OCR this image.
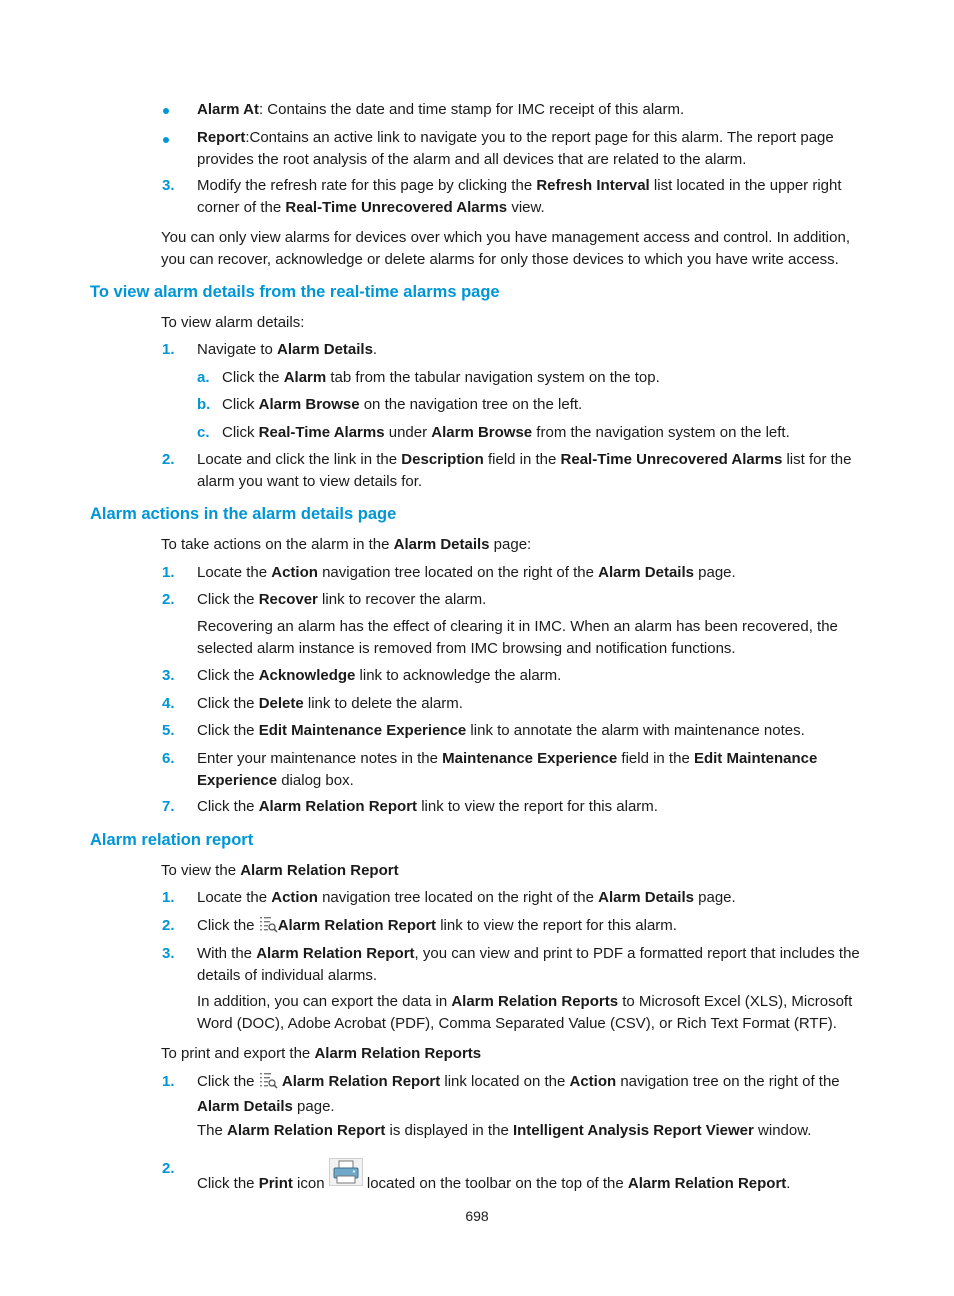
Alarm At: Contains the date and time stamp for IMC receipt of this alarm.
Report:Contains an active link to navigate you to the report page for this alarm. The report page provides the root analysis of the alarm and all devices that are related to the alarm.
3. Modify the refresh rate for this page by clicking the Refresh Interval list located in the upper right corner of the Real-Time Unrecovered Alarms view.
You can only view alarms for devices over which you have management access and control. In addition, you can recover, acknowledge or delete alarms for only those devices to which you have write access.
To view alarm details from the real-time alarms page
To view alarm details:
1. Navigate to Alarm Details.
a. Click the Alarm tab from the tabular navigation system on the top.
b. Click Alarm Browse on the navigation tree on the left.
c. Click Real-Time Alarms under Alarm Browse from the navigation system on the left.
2. Locate and click the link in the Description field in the Real-Time Unrecovered Alarms list for the alarm you want to view details for.
Alarm actions in the alarm details page
To take actions on the alarm in the Alarm Details page:
1. Locate the Action navigation tree located on the right of the Alarm Details page.
2. Click the Recover link to recover the alarm.
Recovering an alarm has the effect of clearing it in IMC. When an alarm has been recovered, the selected alarm instance is removed from IMC browsing and notification functions.
3. Click the Acknowledge link to acknowledge the alarm.
4. Click the Delete link to delete the alarm.
5. Click the Edit Maintenance Experience link to annotate the alarm with maintenance notes.
6. Enter your maintenance notes in the Maintenance Experience field in the Edit Maintenance Experience dialog box.
7. Click the Alarm Relation Report link to view the report for this alarm.
Alarm relation report
To view the Alarm Relation Report
1. Locate the Action navigation tree located on the right of the Alarm Details page.
2. Click the Alarm Relation Report link to view the report for this alarm.
3. With the Alarm Relation Report, you can view and print to PDF a formatted report that includes the details of individual alarms.
In addition, you can export the data in Alarm Relation Reports to Microsoft Excel (XLS), Microsoft Word (DOC), Adobe Acrobat (PDF), Comma Separated Value (CSV), or Rich Text Format (RTF).
To print and export the Alarm Relation Reports
1. Click the  Alarm Relation Report link located on the Action navigation tree on the right of the Alarm Details page.
The Alarm Relation Report is displayed in the Intelligent Analysis Report Viewer window.
2.
Click the Print icon  located on the toolbar on the top of the Alarm Relation Report.
698
